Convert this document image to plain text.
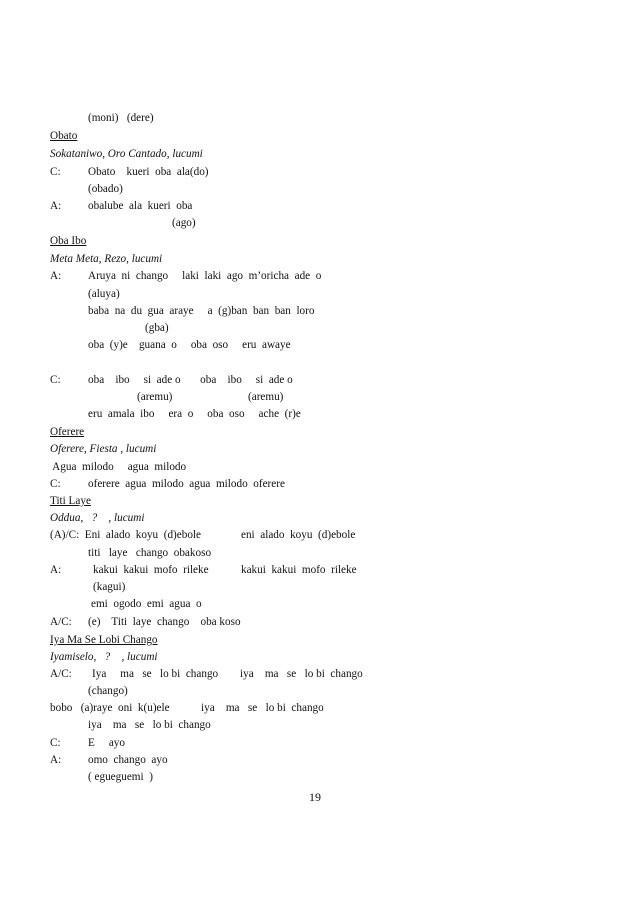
(moni)   (dere)
Obato
Sokataniwo, Oro Cantado, lucumi
C: Obato    kueri  oba  ala(do)
(obado)
A: obalube  ala  kueri  oba
(ago)
Oba Ibo
Meta Meta, Rezo, lucumi
A: Aruya  ni  chango     laki  laki  ago  m’oricha  ade  o
(aluya)
baba  na  du  gua  araye     a  (g)ban  ban  ban  loro
(gba)
oba  (y)e    guana  o     oba  oso     eru  awaye
C: oba    ibo     si  ade o       oba    ibo     si  ade o
(aremu)	(aremu)
eru  amala  ibo     era  o     oba  oso     ache  (r)e
Oferere
Oferere, Fiesta , lucumi
Agua  milodo     agua  milodo
C: oferere  agua  milodo  agua  milodo  oferere
Titi Laye
Oddua,   ?    , lucumi
(A)/C:  Eni  alado  koyu  (d)ebole	eni  alado  koyu  (d)ebole
titi   laye   chango  obakoso
A:	kakui  kakui  mofo  rileke	kakui  kakui  mofo  rileke
(kagui)
emi  ogodo  emi  agua  o
A/C: (e)    Titi  laye  chango    oba koso
Iya Ma Se Lobi Chango
Iyamiselo,   ?    , lucumi
A/C: Iya     ma   se   lo bi  chango iya    ma   se   lo bi  chango
(chango)
bobo   (a)raye  oni  k(u)ele	iya    ma   se   lo bi  chango
iya    ma   se   lo bi  chango
C: E     ayo
A: omo  chango  ayo
( egueguemi  )
19
